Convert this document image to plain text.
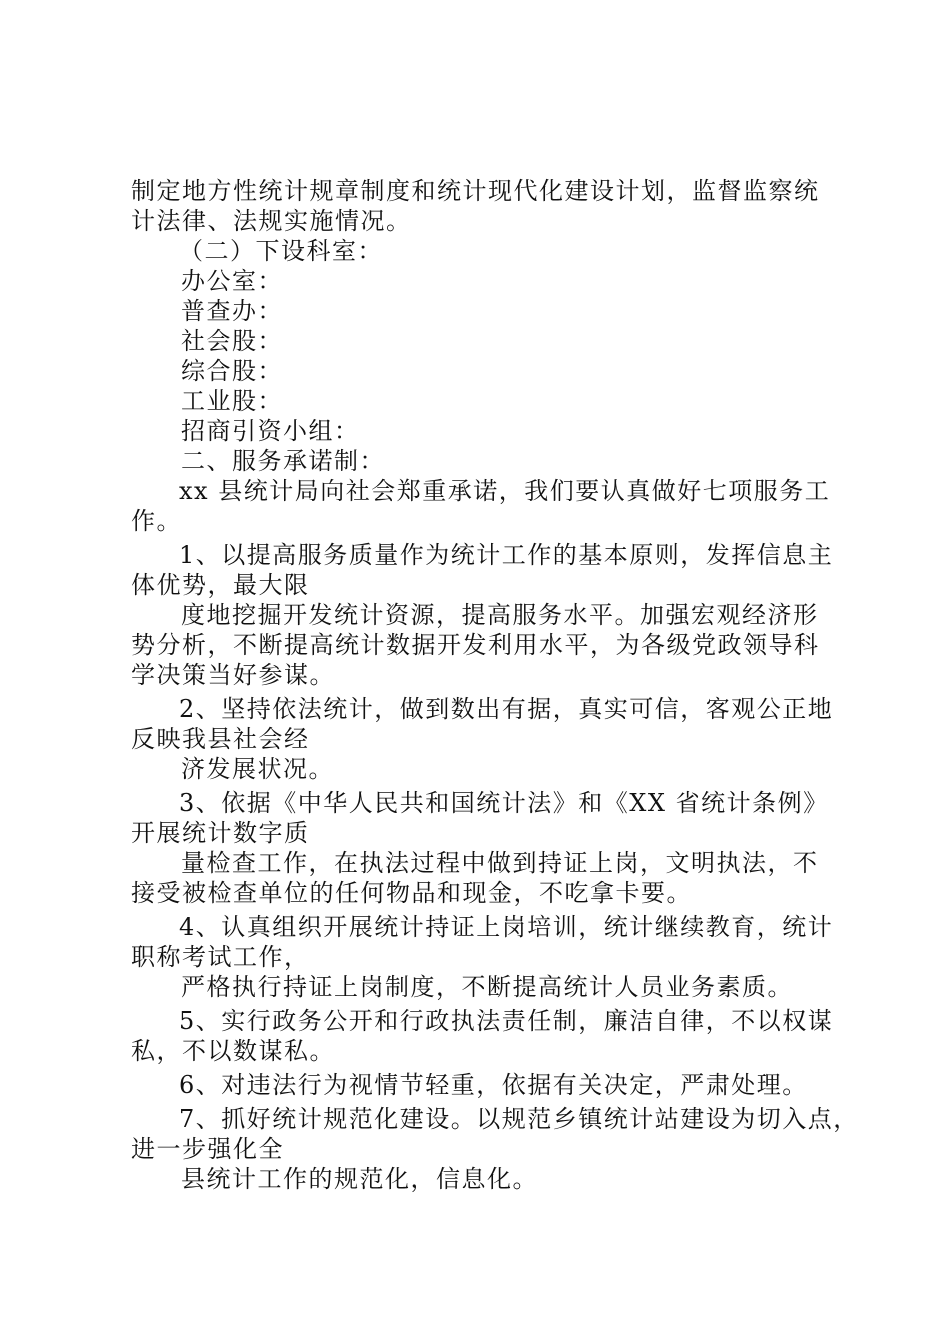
制定地方性统计规章制度和统计现代化建设计划，监督监察统
计法律、法规实施情况。
（二）下设科室：
办公室：
普查办：
社会股：
综合股：
工业股：
招商引资小组：
二、服务承诺制：
xx 县统计局向社会郑重承诺，我们要认真做好七项服务工
作。
1、以提高服务质量作为统计工作的基本原则，发挥信息主
体优势，最大限
度地挖掘开发统计资源，提高服务水平。加强宏观经济形
势分析，不断提高统计数据开发利用水平，为各级党政领导科
学决策当好参谋。
2、坚持依法统计，做到数出有据，真实可信，客观公正地
反映我县社会经
济发展状况。
3、依据《中华人民共和国统计法》和《XX 省统计条例》
开展统计数字质
量检查工作，在执法过程中做到持证上岗，文明执法，不
接受被检查单位的任何物品和现金，不吃拿卡要。
4、认真组织开展统计持证上岗培训，统计继续教育，统计
职称考试工作，
严格执行持证上岗制度，不断提高统计人员业务素质。
5、实行政务公开和行政执法责任制，廉洁自律，不以权谋
私，不以数谋私。
6、对违法行为视情节轻重，依据有关决定，严肃处理。
7、抓好统计规范化建设。以规范乡镇统计站建设为切入点，
进一步强化全
县统计工作的规范化，信息化。
